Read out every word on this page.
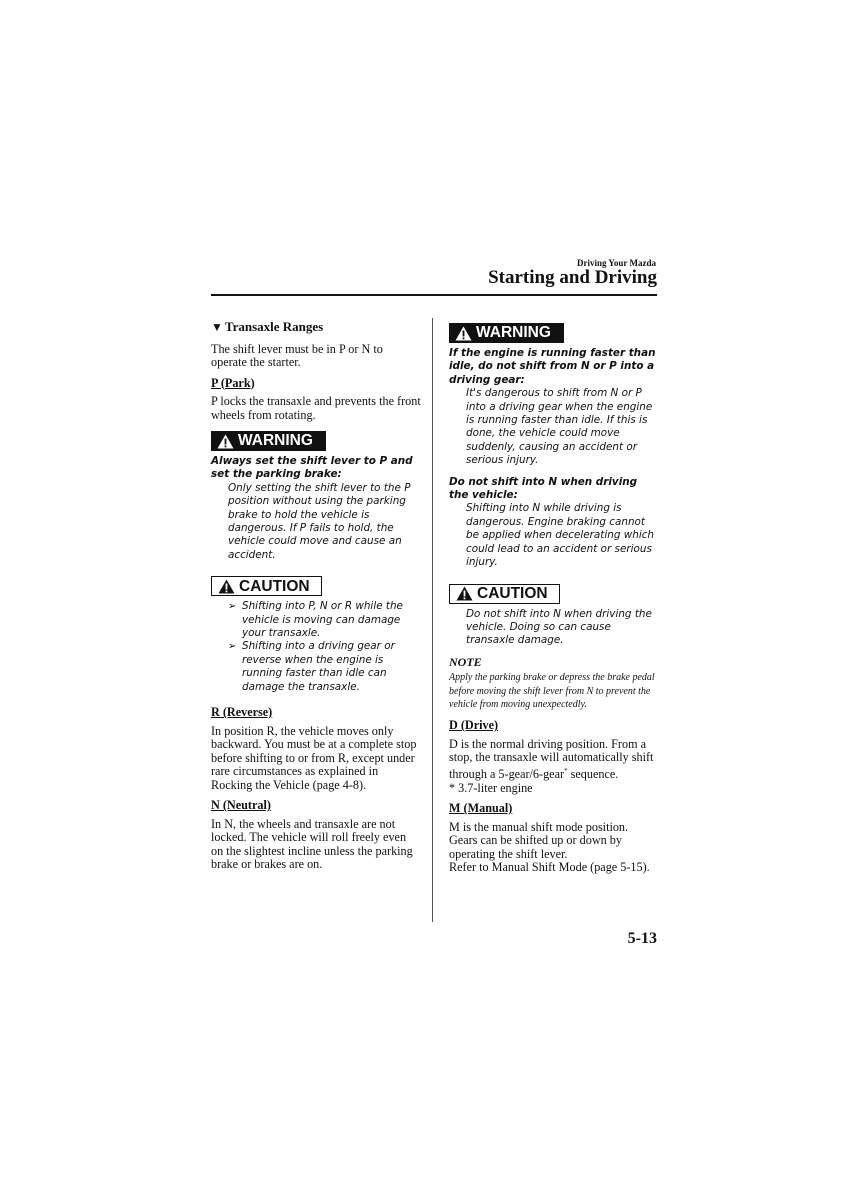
Driving Your Mazda
Starting and Driving
▼ Transaxle Ranges

The shift lever must be in P or N to operate the starter.

P (Park)

P locks the transaxle and prevents the front wheels from rotating.

WARNING
Always set the shift lever to P and set the parking brake:
Only setting the shift lever to the P position without using the parking brake to hold the vehicle is dangerous. If P fails to hold, the vehicle could move and cause an accident.
CAUTION
➢ Shifting into P, N or R while the vehicle is moving can damage your transaxle.
➢ Shifting into a driving gear or reverse when the engine is running faster than idle can damage the transaxle.
R (Reverse)

In position R, the vehicle moves only backward. You must be at a complete stop before shifting to or from R, except under rare circumstances as explained in Rocking the Vehicle (page 4-8).

N (Neutral)

In N, the wheels and transaxle are not locked. The vehicle will roll freely even on the slightest incline unless the parking brake or brakes are on.

WARNING
If the engine is running faster than idle, do not shift from N or P into a driving gear:
It's dangerous to shift from N or P into a driving gear when the engine is running faster than idle. If this is done, the vehicle could move suddenly, causing an accident or serious injury.
Do not shift into N when driving the vehicle:
Shifting into N while driving is dangerous. Engine braking cannot be applied when decelerating which could lead to an accident or serious injury.
CAUTION
Do not shift into N when driving the vehicle. Doing so can cause transaxle damage.
NOTE
Apply the parking brake or depress the brake pedal before moving the shift lever from N to prevent the vehicle from moving unexpectedly.
D (Drive)
D is the normal driving position. From a stop, the transaxle will automatically shift through a 5-gear/6-gear* sequence.

* 3.7-liter engine

M (Manual)
M is the manual shift mode position. Gears can be shifted up or down by operating the shift lever.
Refer to Manual Shift Mode (page 5-15).
5-13
